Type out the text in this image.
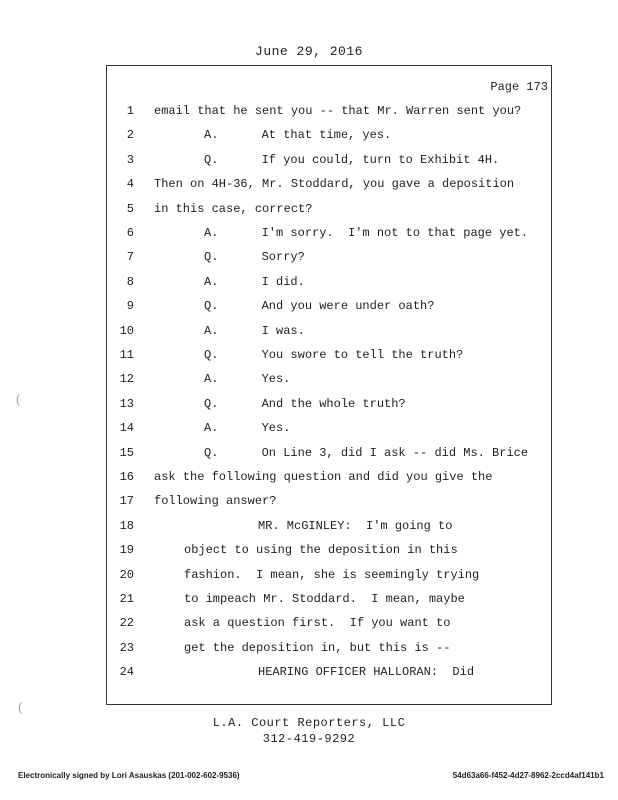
June 29, 2016
Page 173
1 email that he sent you -- that Mr. Warren sent you?
2	A.      At that time, yes.
3	Q.      If you could, turn to Exhibit 4H.
4 Then on 4H-36, Mr. Stoddard, you gave a deposition
5 in this case, correct?
6	A.      I'm sorry.  I'm not to that page yet.
7	Q.      Sorry?
8	A.      I did.
9	Q.      And you were under oath?
10	A.      I was.
11	Q.      You swore to tell the truth?
12	A.      Yes.
13	Q.      And the whole truth?
14	A.      Yes.
15	Q.      On Line 3, did I ask -- did Ms. Brice
16 ask the following question and did you give the
17 following answer?
18	MR. McGINLEY:  I'm going to
19	object to using the deposition in this
20	fashion.  I mean, she is seemingly trying
21	to impeach Mr. Stoddard.  I mean, maybe
22	ask a question first.  If you want to
23	get the deposition in, but this is --
24	HEARING OFFICER HALLORAN:  Did
L.A. Court Reporters, LLC
312-419-9292
Electronically signed by Lori Asauskas (201-002-602-9536)	54d63a66-f452-4d27-8962-2ccd4af141b1
(
(
